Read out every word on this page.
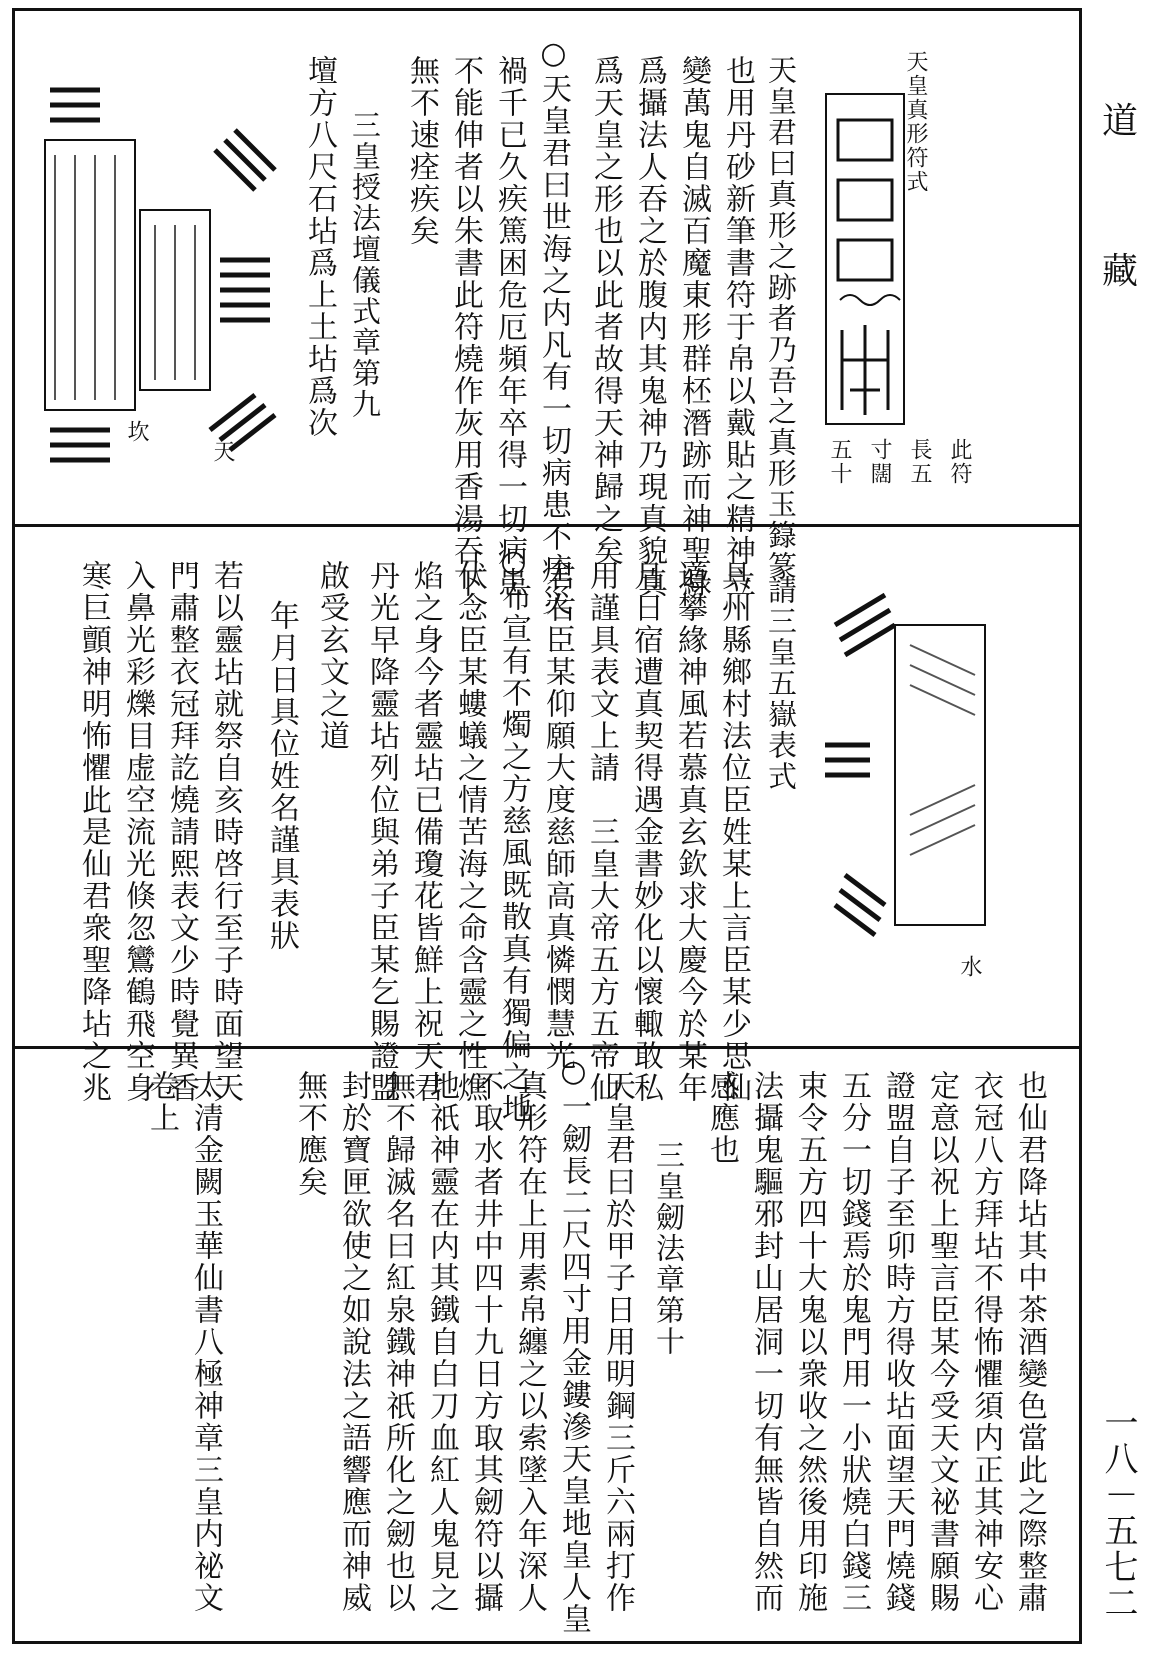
道
藏
一八－五七二
天皇真形符式
此符
長五
寸闊
五十
天皇君曰真形之跡者乃吾之真形玉籙篆
也用丹砂新筆書符于帛以戴貼之精神立
變萬鬼自滅百魔東形群柸潛跡而神聖綠
爲攝法人吞之於腹内其鬼神乃現真貌真
爲天皇之形也以此者故得天神歸之矣
○天皇君曰世海之内凡有一切病患不痊災
禍千已久疾篤困危厄頻年卒得一切病患
不能伸者以朱書此符燒作灰用香湯吞下
無不速痊疾矣
三皇授法壇儀式章第九
壇方八尺石坫爲上土坫爲次
坎
天
水
請三皇五嶽表式
具州縣鄉村法位臣姓某上言臣某少思仙
道攀緣神風若慕真玄欽求大慶今於某年
月日宿遭真契得遇金書妙化以懷輙敢私
用謹具表文上請　三皇大帝五方五帝仙
君右臣某仰願大度慈師高真憐憫慧光
○布宣有不燭之方慈風既散真有獨偏之地
伏念臣某螻蟻之情苦海之命含靈之性燋
焰之身今者靈坫已備瓊花皆鮮上祝天君
丹光早降靈坫列位與弟子臣某乞賜證盟
啟受玄文之道
年月日具位姓名謹具表狀
若以靈坫就祭自亥時啓行至子時面望天
門肅整衣冠拜訖燒請熙表文少時覺異香
入鼻光彩爍目虚空流光倏忽鸞鶴飛空身
寒巨顫神明怖懼此是仙君衆聖降坫之兆
也仙君降坫其中茶酒變色當此之際整肅
衣冠八方拜坫不得怖懼須内正其神安心
定意以祝上聖言臣某今受天文祕書願賜
證盟自子至卯時方得收坫面望天門燒錢
五分一切錢焉於鬼門用一小狀燒白錢三
束令五方四十大鬼以衆收之然後用印施
法攝鬼驅邪封山居洞一切有無皆自然而
感應也
三皇劒法章第十
天皇君曰於甲子日用明鋼三斤六兩打作
○一劒長二尺四寸用金鏤滲天皇地皇人皇
真形符在上用素帛纏之以索墜入年深人
不取水者井中四十九日方取其劒符以攝
地祇神靈在内其鐵自白刀血紅人鬼見之
無不歸滅名曰紅泉鐵神祇所化之劒也以
封於寶匣欲使之如說法之語響應而神威
無不應矣
太清金闕玉華仙書八極神章三皇内祕文
卷上
